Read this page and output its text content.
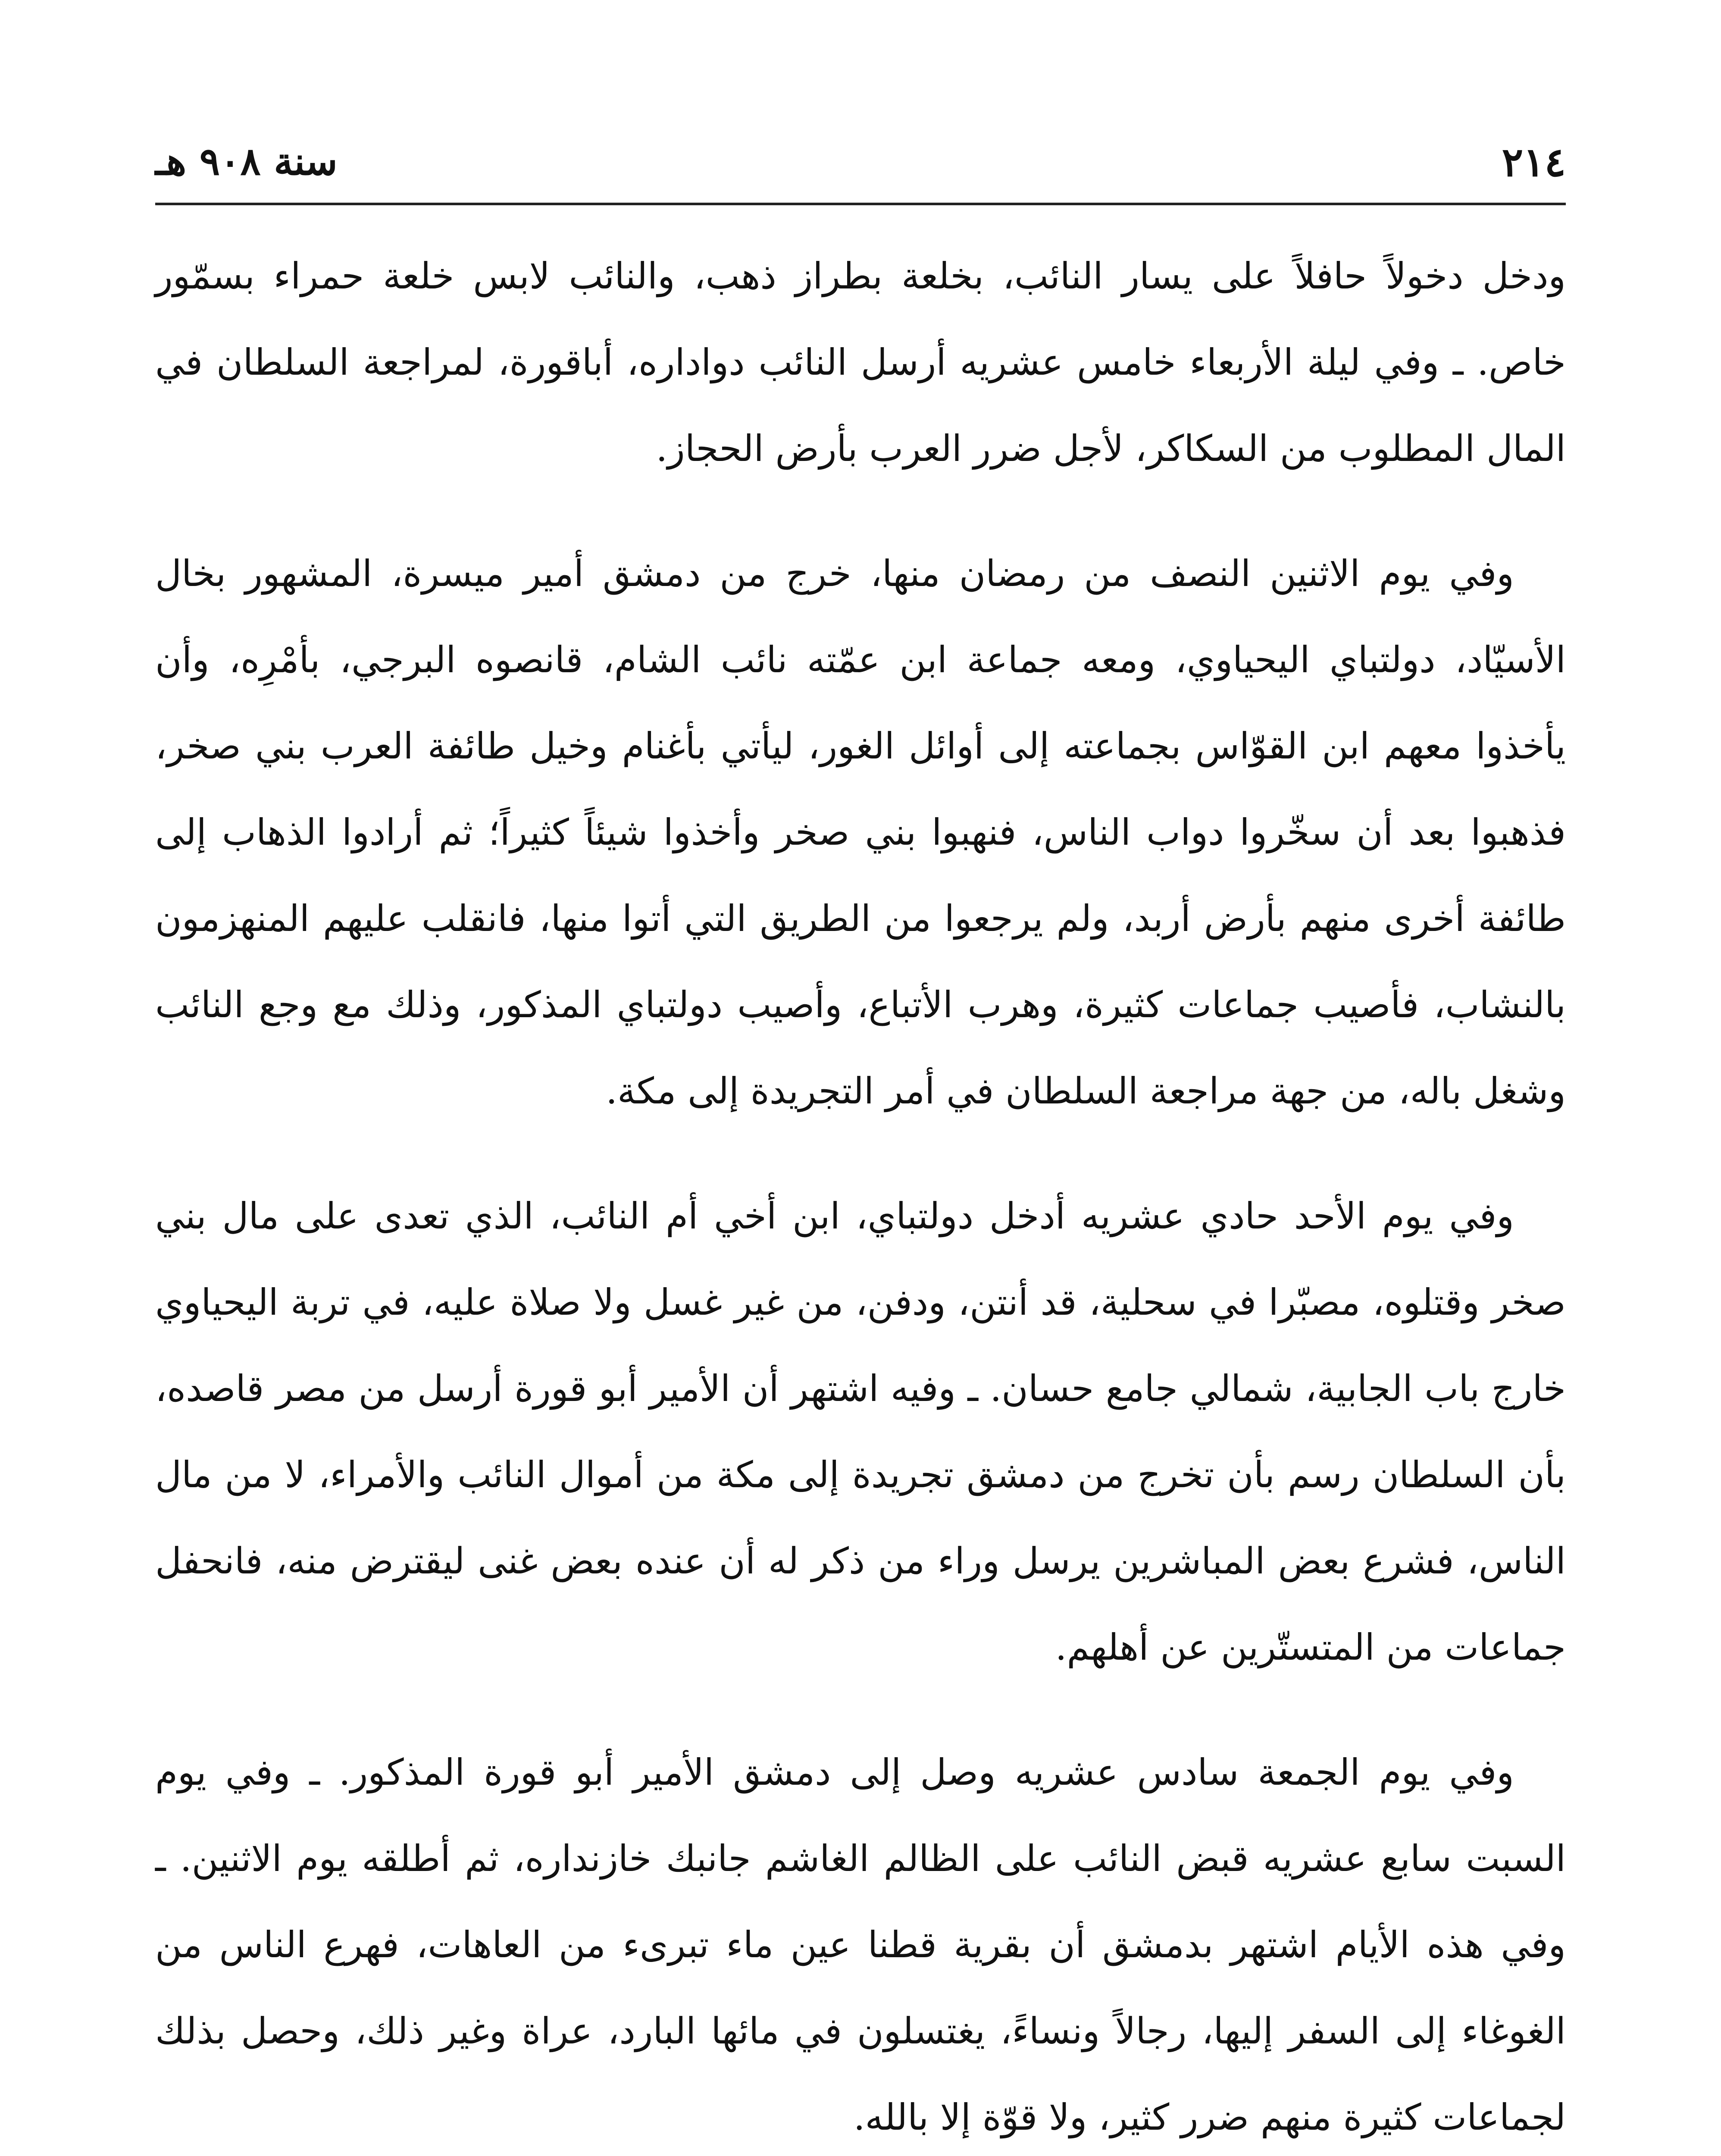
٢١٤
سنة ٩٠٨ هـ

ودخل دخولاً حافلاً على يسار النائب، بخلعة بطراز ذهب، والنائب لابس خلعة حمراء بسمّور خاص. ـ وفي ليلة الأربعاء خامس عشريه أرسل النائب دواداره، أباقورة، لمراجعة السلطان في المال المطلوب من السكاكر، لأجل ضرر العرب بأرض الحجاز.

وفي يوم الاثنين النصف من رمضان منها، خرج من دمشق أمير ميسرة، المشهور بخال الأسيّاد، دولتباي اليحياوي، ومعه جماعة ابن عمّته نائب الشام، قانصوه البرجي، بأمْرِه، وأن يأخذوا معهم ابن القوّاس بجماعته إلى أوائل الغور، ليأتي بأغنام وخيل طائفة العرب بني صخر، فذهبوا بعد أن سخّروا دواب الناس، فنهبوا بني صخر وأخذوا شيئاً كثيراً؛ ثم أرادوا الذهاب إلى طائفة أخرى منهم بأرض أربد، ولم يرجعوا من الطريق التي أتوا منها، فانقلب عليهم المنهزمون بالنشاب، فأصيب جماعات كثيرة، وهرب الأتباع، وأصيب دولتباي المذكور، وذلك مع وجع النائب وشغل باله، من جهة مراجعة السلطان في أمر التجريدة إلى مكة.

وفي يوم الأحد حادي عشريه أدخل دولتباي، ابن أخي أم النائب، الذي تعدى على مال بني صخر وقتلوه، مصبّرا في سحلية، قد أنتن، ودفن، من غير غسل ولا صلاة عليه، في تربة اليحياوي خارج باب الجابية، شمالي جامع حسان. ـ وفيه اشتهر أن الأمير أبو قورة أرسل من مصر قاصده، بأن السلطان رسم بأن تخرج من دمشق تجريدة إلى مكة من أموال النائب والأمراء، لا من مال الناس، فشرع بعض المباشرين يرسل وراء من ذكر له أن عنده بعض غنى ليقترض منه، فانحفل جماعات من المتستّرين عن أهلهم.

وفي يوم الجمعة سادس عشريه وصل إلى دمشق الأمير أبو قورة المذكور. ـ وفي يوم السبت سابع عشريه قبض النائب على الظالم الغاشم جانبك خازنداره، ثم أطلقه يوم الاثنين. ـ وفي هذه الأيام اشتهر بدمشق أن بقرية قطنا عين ماء تبرىء من العاهات، فهرع الناس من الغوغاء إلى السفر إليها، رجالاً ونساءً، يغتسلون في مائها البارد، عراة وغير ذلك، وحصل بذلك لجماعات كثيرة منهم ضرر كثير، ولا قوّة إلا بالله.
